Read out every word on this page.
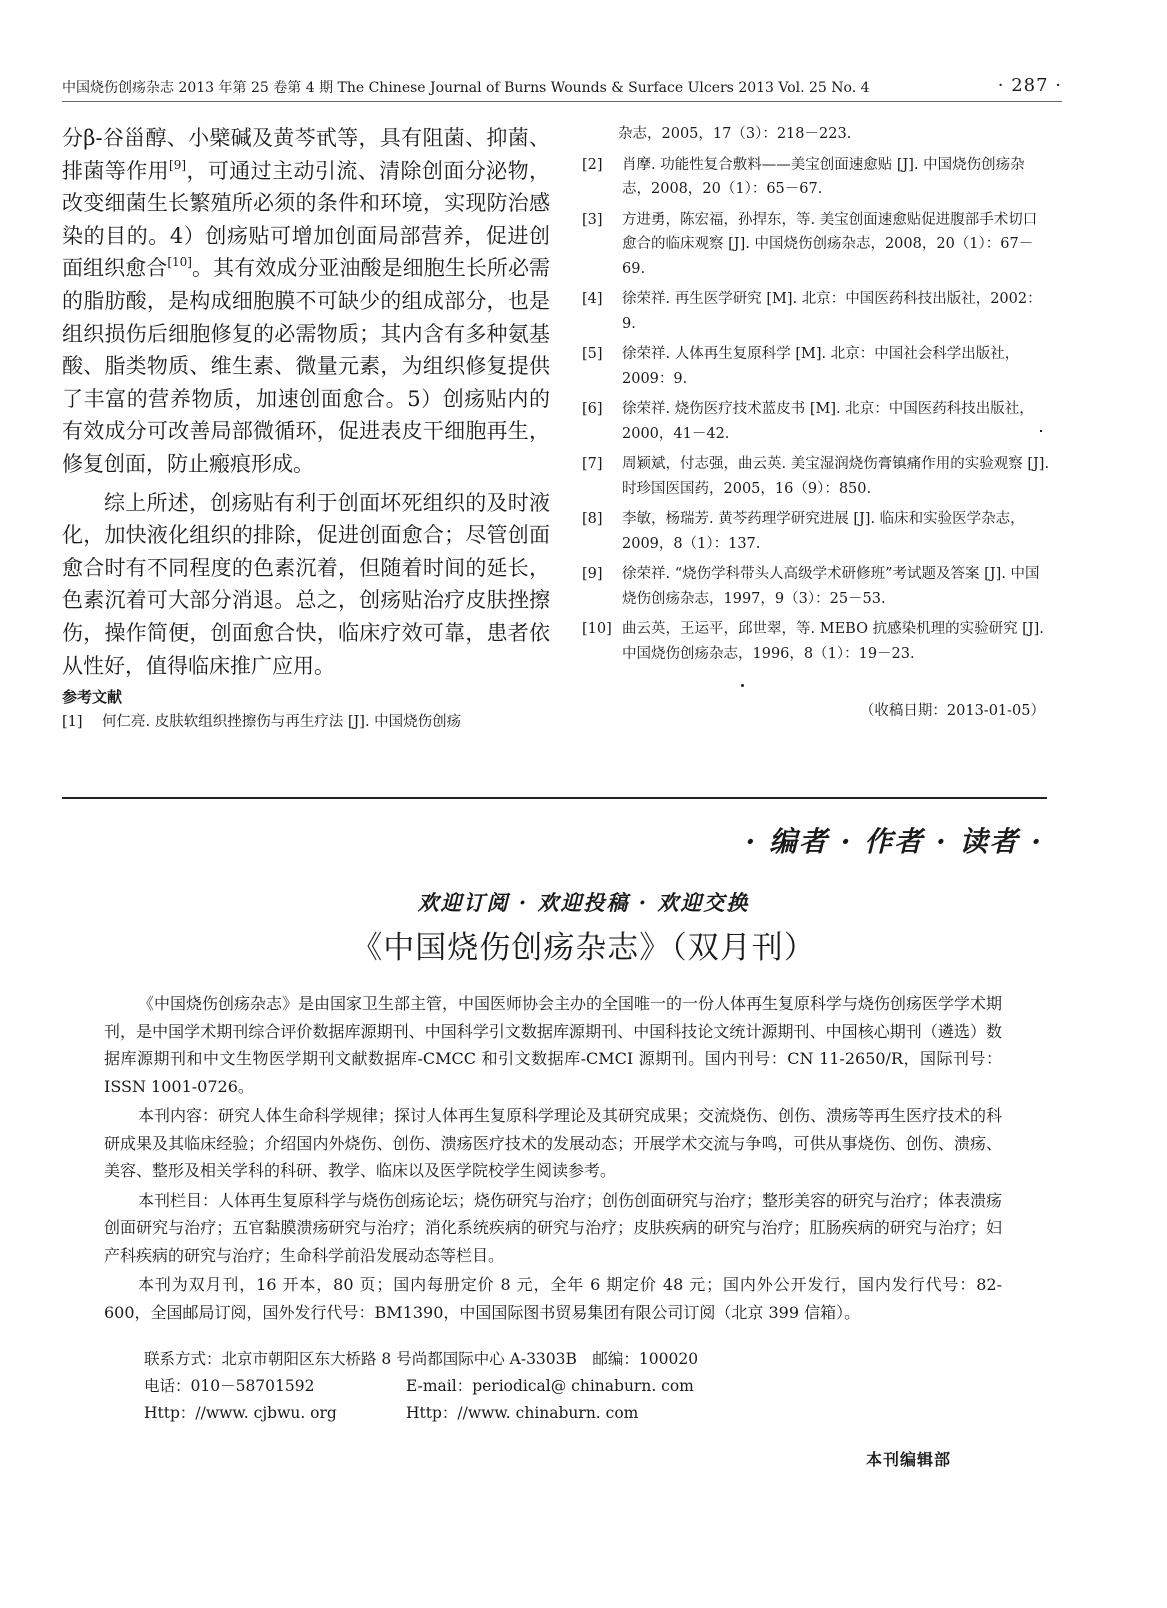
中国烧伤创疡杂志 2013 年第 25 卷第 4 期 The Chinese Journal of Burns Wounds & Surface Ulcers 2013 Vol. 25 No. 4	· 287 ·

分β-谷甾醇、小檗碱及黄芩甙等，具有阻菌、抑菌、排菌等作用[9]，可通过主动引流、清除创面分泌物，改变细菌生长繁殖所必须的条件和环境，实现防治感染的目的。4）创疡贴可增加创面局部营养，促进创面组织愈合[10]。其有效成分亚油酸是细胞生长所必需的脂肪酸，是构成细胞膜不可缺少的组成部分，也是组织损伤后细胞修复的必需物质；其内含有多种氨基酸、脂类物质、维生素、微量元素，为组织修复提供了丰富的营养物质，加速创面愈合。5）创疡贴内的有效成分可改善局部微循环，促进表皮干细胞再生，修复创面，防止瘢痕形成。

综上所述，创疡贴有利于创面坏死组织的及时液化，加快液化组织的排除，促进创面愈合；尽管创面愈合时有不同程度的色素沉着，但随着时间的延长，色素沉着可大部分消退。总之，创疡贴治疗皮肤挫擦伤，操作简便，创面愈合快，临床疗效可靠，患者依从性好，值得临床推广应用。

参考文献
[1]	何仁亮. 皮肤软组织挫擦伤与再生疗法 [J]. 中国烧伤创疡
杂志，2005，17（3）：218－223.
[2]	肖摩. 功能性复合敷料——美宝创面速愈贴 [J]. 中国烧伤创疡杂志，2008，20（1）：65－67.
[3]	方进勇，陈宏福，孙捍东，等. 美宝创面速愈贴促进腹部手术切口愈合的临床观察 [J]. 中国烧伤创疡杂志，2008，20（1）：67－69.
[4]	徐荣祥. 再生医学研究 [M]. 北京：中国医药科技出版社，2002：9.
[5]	徐荣祥. 人体再生复原科学 [M]. 北京：中国社会科学出版社，2009：9.
[6]	徐荣祥. 烧伤医疗技术蓝皮书 [M]. 北京：中国医药科技出版社，2000，41－42.
[7]	周颖斌，付志强，曲云英. 美宝湿润烧伤膏镇痛作用的实验观察 [J]. 时珍国医国药，2005，16（9）：850.
[8]	李敏，杨瑞芳. 黄芩药理学研究进展 [J]. 临床和实验医学杂志，2009，8（1）：137.
[9]	徐荣祥. “烧伤学科带头人高级学术研修班”考试题及答案 [J]. 中国烧伤创疡杂志，1997，9（3）：25－53.
[10] 曲云英，王运平，邱世翠，等. MEBO 抗感染机理的实验研究 [J]. 中国烧伤创疡杂志，1996，8（1）：19－23.
（收稿日期：2013-01-05）
· 编者 · 作者 · 读者 ·
欢迎订阅 · 欢迎投稿 · 欢迎交换
《中国烧伤创疡杂志》（双月刊）

《中国烧伤创疡杂志》是由国家卫生部主管，中国医师协会主办的全国唯一的一份人体再生复原科学与烧伤创疡医学学术期刊，是中国学术期刊综合评价数据库源期刊、中国科学引文数据库源期刊、中国科技论文统计源期刊、中国核心期刊（遴选）数据库源期刊和中文生物医学期刊文献数据库-CMCC 和引文数据库-CMCI 源期刊。国内刊号：CN 11-2650/R，国际刊号：ISSN 1001-0726。

本刊内容：研究人体生命科学规律；探讨人体再生复原科学理论及其研究成果；交流烧伤、创伤、溃疡等再生医疗技术的科研成果及其临床经验；介绍国内外烧伤、创伤、溃疡医疗技术的发展动态；开展学术交流与争鸣，可供从事烧伤、创伤、溃疡、美容、整形及相关学科的科研、教学、临床以及医学院校学生阅读参考。

本刊栏目：人体再生复原科学与烧伤创疡论坛；烧伤研究与治疗；创伤创面研究与治疗；整形美容的研究与治疗；体表溃疡创面研究与治疗；五官黏膜溃疡研究与治疗；消化系统疾病的研究与治疗；皮肤疾病的研究与治疗；肛肠疾病的研究与治疗；妇产科疾病的研究与治疗；生命科学前沿发展动态等栏目。

本刊为双月刊，16 开本，80 页；国内每册定价 8 元，全年 6 期定价 48 元；国内外公开发行，国内发行代号：82-600，全国邮局订阅，国外发行代号：BM1390，中国国际图书贸易集团有限公司订阅（北京 399 信箱）。

联系方式：北京市朝阳区东大桥路 8 号尚都国际中心 A-3303B　邮编：100020
电话：010－58701592	E-mail：periodical@ chinaburn. com
Http：//www. cjbwu. org	Http：//www. chinaburn. com
本刊编辑部
